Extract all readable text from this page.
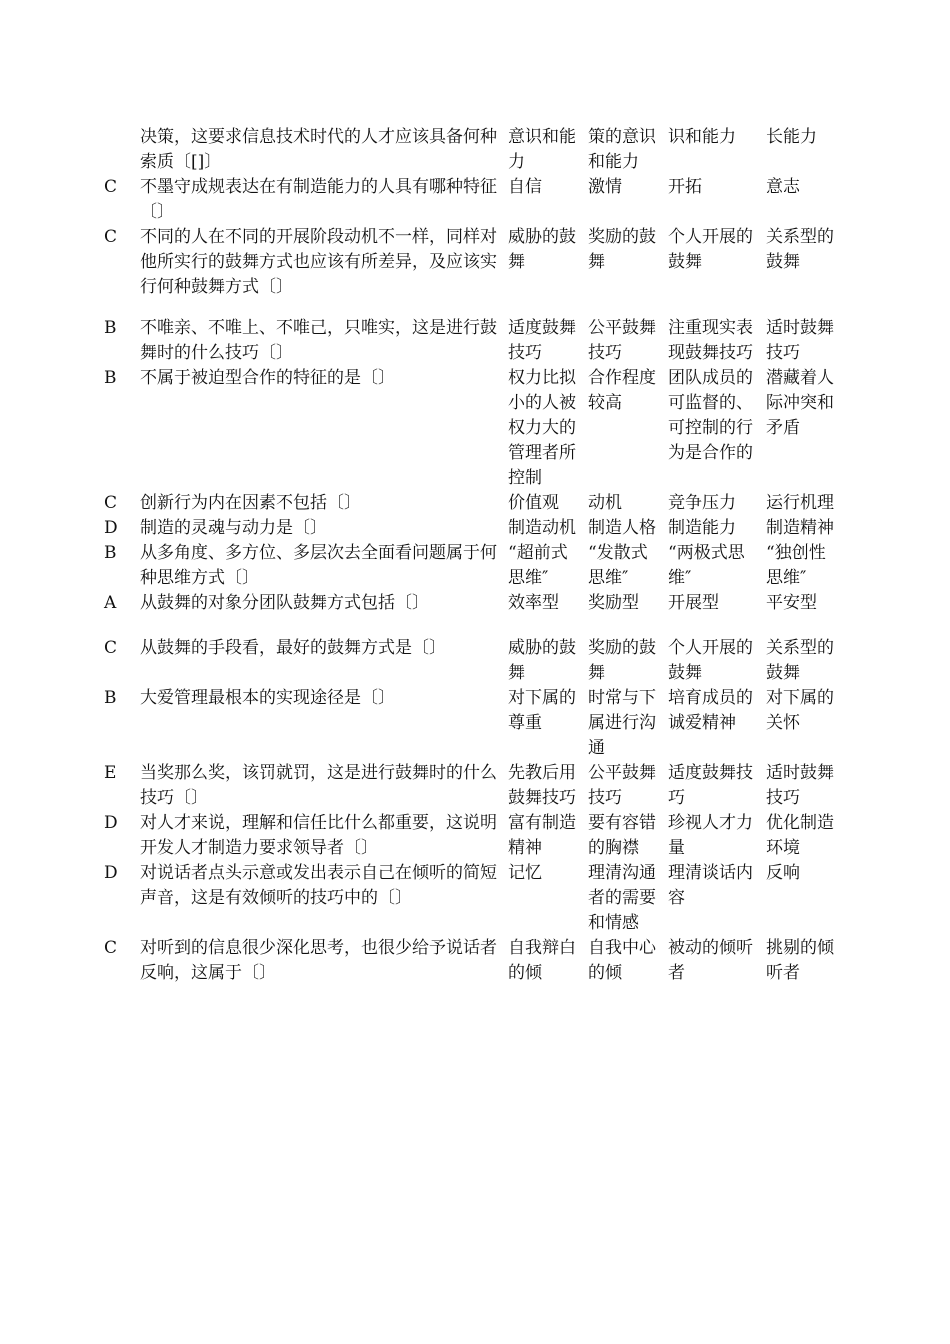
	决策，这要求信息技术时代的人才应该具备何种索质〔[]〕	意识和能力	策的意识和能力	识和能力	长能力
C	不墨守成规表达在有制造能力的人具有哪种特征〔〕	自信	激情	开拓	意志
C	不同的人在不同的开展阶段动机不一样，同样对他所实行的鼓舞方式也应该有所差异，及应该实行何种鼓舞方式〔〕	威胁的鼓舞	奖励的鼓舞	个人开展的鼓舞	关系型的鼓舞
B	不唯亲、不唯上、不唯己，只唯实，这是进行鼓舞时的什么技巧〔〕	适度鼓舞技巧	公平鼓舞技巧	注重现实表现鼓舞技巧	适时鼓舞技巧
B	不属于被迫型合作的特征的是〔〕	权力比拟小的人被权力大的管理者所控制	合作程度较高	团队成员的可监督的、可控制的行为是合作的	潜藏着人际冲突和矛盾
C	创新行为内在因素不包括〔〕	价值观	动机	竞争压力	运行机理
D	制造的灵魂与动力是〔〕	制造动机	制造人格	制造能力	制造精神
B	从多角度、多方位、多层次去全面看问题属于何种思维方式〔〕	“超前式思维″	“发散式思维″	“两极式思维″	“独创性思维″
A	从鼓舞的对象分团队鼓舞方式包括〔〕	效率型	奖励型	开展型	平安型
C	从鼓舞的手段看，最好的鼓舞方式是〔〕	威胁的鼓舞	奖励的鼓舞	个人开展的鼓舞	关系型的鼓舞
B	大爱管理最根本的实现途径是〔〕	对下属的尊重	时常与下属进行沟通	培育成员的诚爱精神	对下属的关怀
E	当奖那么奖，该罚就罚，这是进行鼓舞时的什么技巧〔〕	先教后用鼓舞技巧	公平鼓舞技巧	适度鼓舞技巧	适时鼓舞技巧
D	对人才来说，理解和信任比什么都重要，这说明开发人才制造力要求领导者〔〕	富有制造精神	要有容错的胸襟	珍视人才力量	优化制造环境
D	对说话者点头示意或发出表示自己在倾听的简短声音，这是有效倾听的技巧中的〔〕	记忆	理清沟通者的需要和情感	理清谈话内容	反响
C	对听到的信息很少深化思考，也很少给予说话者反响，这属于〔〕	自我辩白的倾	自我中心的倾	被动的倾听者	挑剔的倾听者
